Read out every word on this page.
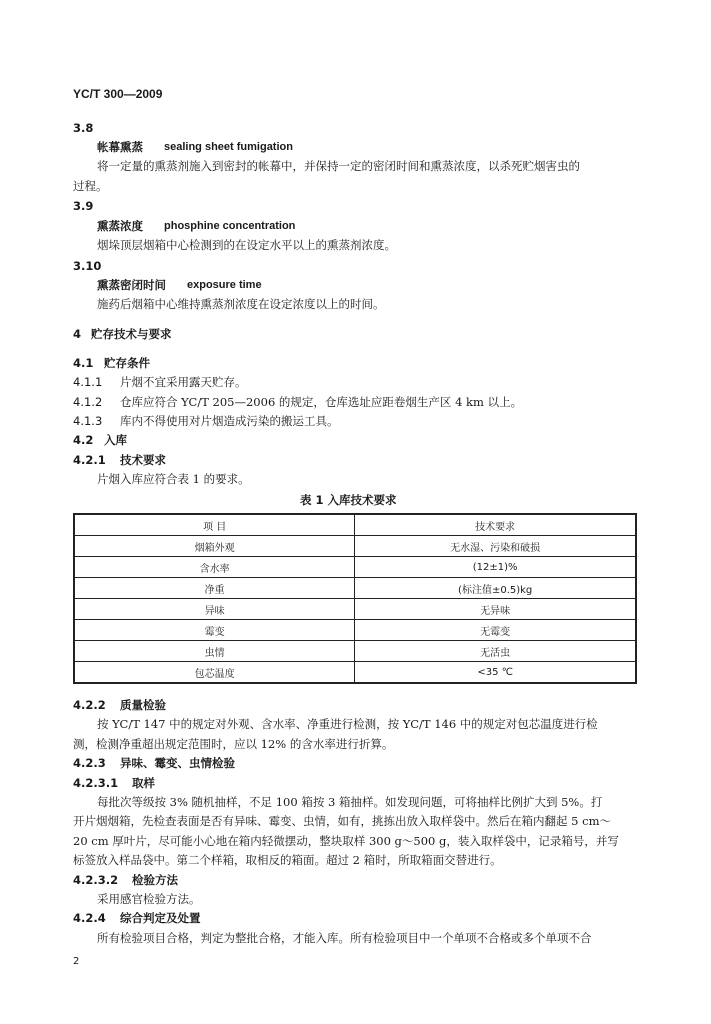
YC/T 300—2009
3.8
帐幕熏蒸 sealing sheet fumigation
将一定量的熏蒸剂施入到密封的帐幕中，并保持一定的密闭时间和熏蒸浓度，以杀死贮烟害虫的
过程。
3.9
熏蒸浓度 phosphine concentration
烟垛顶层烟箱中心检测到的在设定水平以上的熏蒸剂浓度。
3.10
熏蒸密闭时间 exposure time
施药后烟箱中心维持熏蒸剂浓度在设定浓度以上的时间。
4 贮存技术与要求
4.1 贮存条件
4.1.1 片烟不宜采用露天贮存。
4.1.2 仓库应符合 YC/T 205—2006 的规定，仓库选址应距卷烟生产区 4 km 以上。
4.1.3 库内不得使用对片烟造成污染的搬运工具。
4.2 入库
4.2.1 技术要求
片烟入库应符合表 1 的要求。
表 1 入库技术要求
项 目	技术要求
烟箱外观	无水湿、污染和破损
含水率	(12±1)%
净重	(标注值±0.5)kg
异味	无异味
霉变	无霉变
虫情	无活虫
包芯温度	<35 ℃
4.2.2 质量检验
按 YC/T 147 中的规定对外观、含水率、净重进行检测，按 YC/T 146 中的规定对包芯温度进行检
测，检测净重超出规定范围时，应以 12% 的含水率进行折算。
4.2.3 异味、霉变、虫情检验
4.2.3.1 取样
每批次等级按 3% 随机抽样，不足 100 箱按 3 箱抽样。如发现问题，可将抽样比例扩大到 5%。打
开片烟烟箱，先检查表面是否有异味、霉变、虫情，如有，挑拣出放入取样袋中。然后在箱内翻起 5 cm～
20 cm 厚叶片，尽可能小心地在箱内轻微摆动，整块取样 300 g～500 g，装入取样袋中，记录箱号，并写
标签放入样品袋中。第二个样箱，取相反的箱面。超过 2 箱时，所取箱面交替进行。
4.2.3.2 检验方法
采用感官检验方法。
4.2.4 综合判定及处置
所有检验项目合格，判定为整批合格，才能入库。所有检验项目中一个单项不合格或多个单项不合
2
